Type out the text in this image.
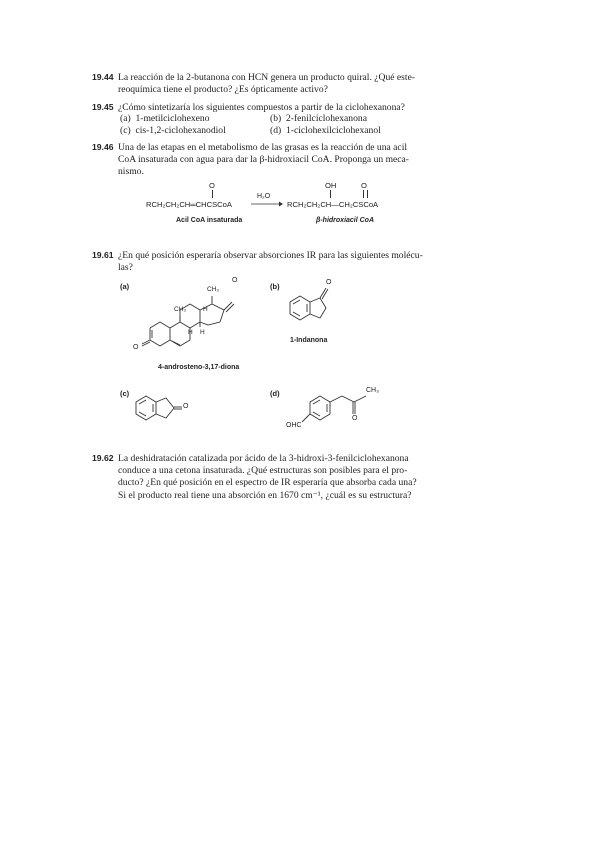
19.44 La reacción de la 2-butanona con HCN genera un producto quiral. ¿Qué este-
reoquímica tiene el producto? ¿Es ópticamente activo?
19.45 ¿Cómo sintetizaría los siguientes compuestos a partir de la ciclohexanona?
(a) 1-metilciclohexeno	(b) 2-fenilciclohexanona
(c) cis-1,2-ciclohexanodiol	(d) 1-ciclohexilciclohexanol
19.46 Una de las etapas en el metabolismo de las grasas es la reacción de una acil
CoA insaturada con agua para dar la β-hidroxiacil CoA. Proponga un meca-
nismo.
O
RCH₂CH₂CH═CHCSCoA
H₂O
OH	O
RCH₂CH₂CH—CH₂CSCoA
Acil CoA insaturada	β-hidroxiacil CoA
19.61 ¿En qué posición esperaría observar absorciones IR para las siguientes molécu-
las?
(a)
O
O
CH₃
CH₃	H
H H
4-androsteno-3,17-diona
(b)	O
1-Indanona
(c)
O
(d)	CH₃
O
OHC
19.62 La deshidratación catalizada por ácido de la 3-hidroxi-3-fenilciclohexanona
conduce a una cetona insaturada. ¿Qué estructuras son posibles para el pro-
ducto? ¿En qué posición en el espectro de IR esperaría que absorba cada una?
Si el producto real tiene una absorción en 1670 cm⁻¹, ¿cuál es su estructura?
